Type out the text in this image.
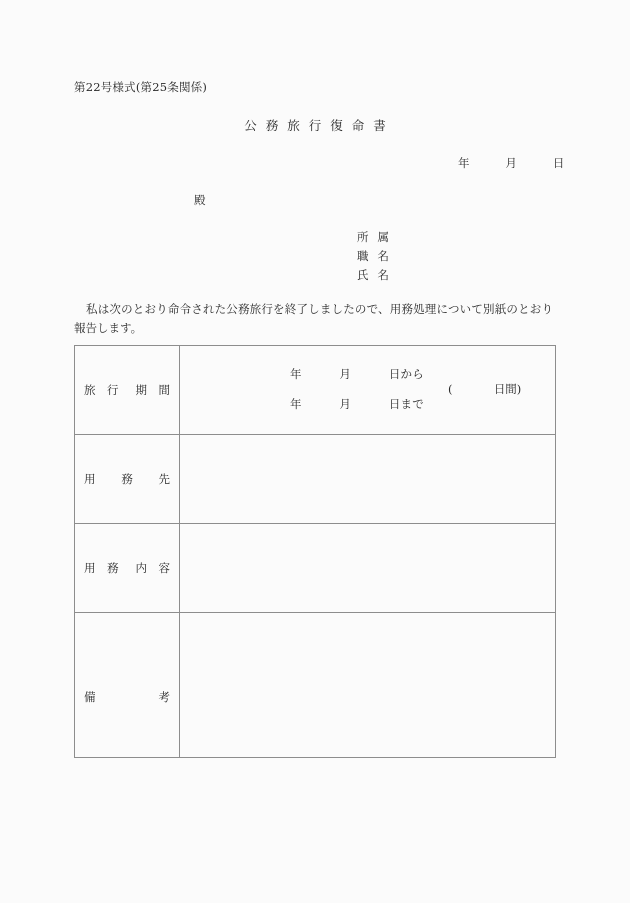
第22号様式(第25条関係)
公務旅行復命書
年	月	日
殿
所 属
職 名
氏 名
私は次のとおり命令された公務旅行を終了しましたので、用務処理について別紙のとおり報告します。
旅　行 期　間

年	月	日から
年	月	日まで
(	日間)

用 務 先	

用　務 内　容	

備 考	
